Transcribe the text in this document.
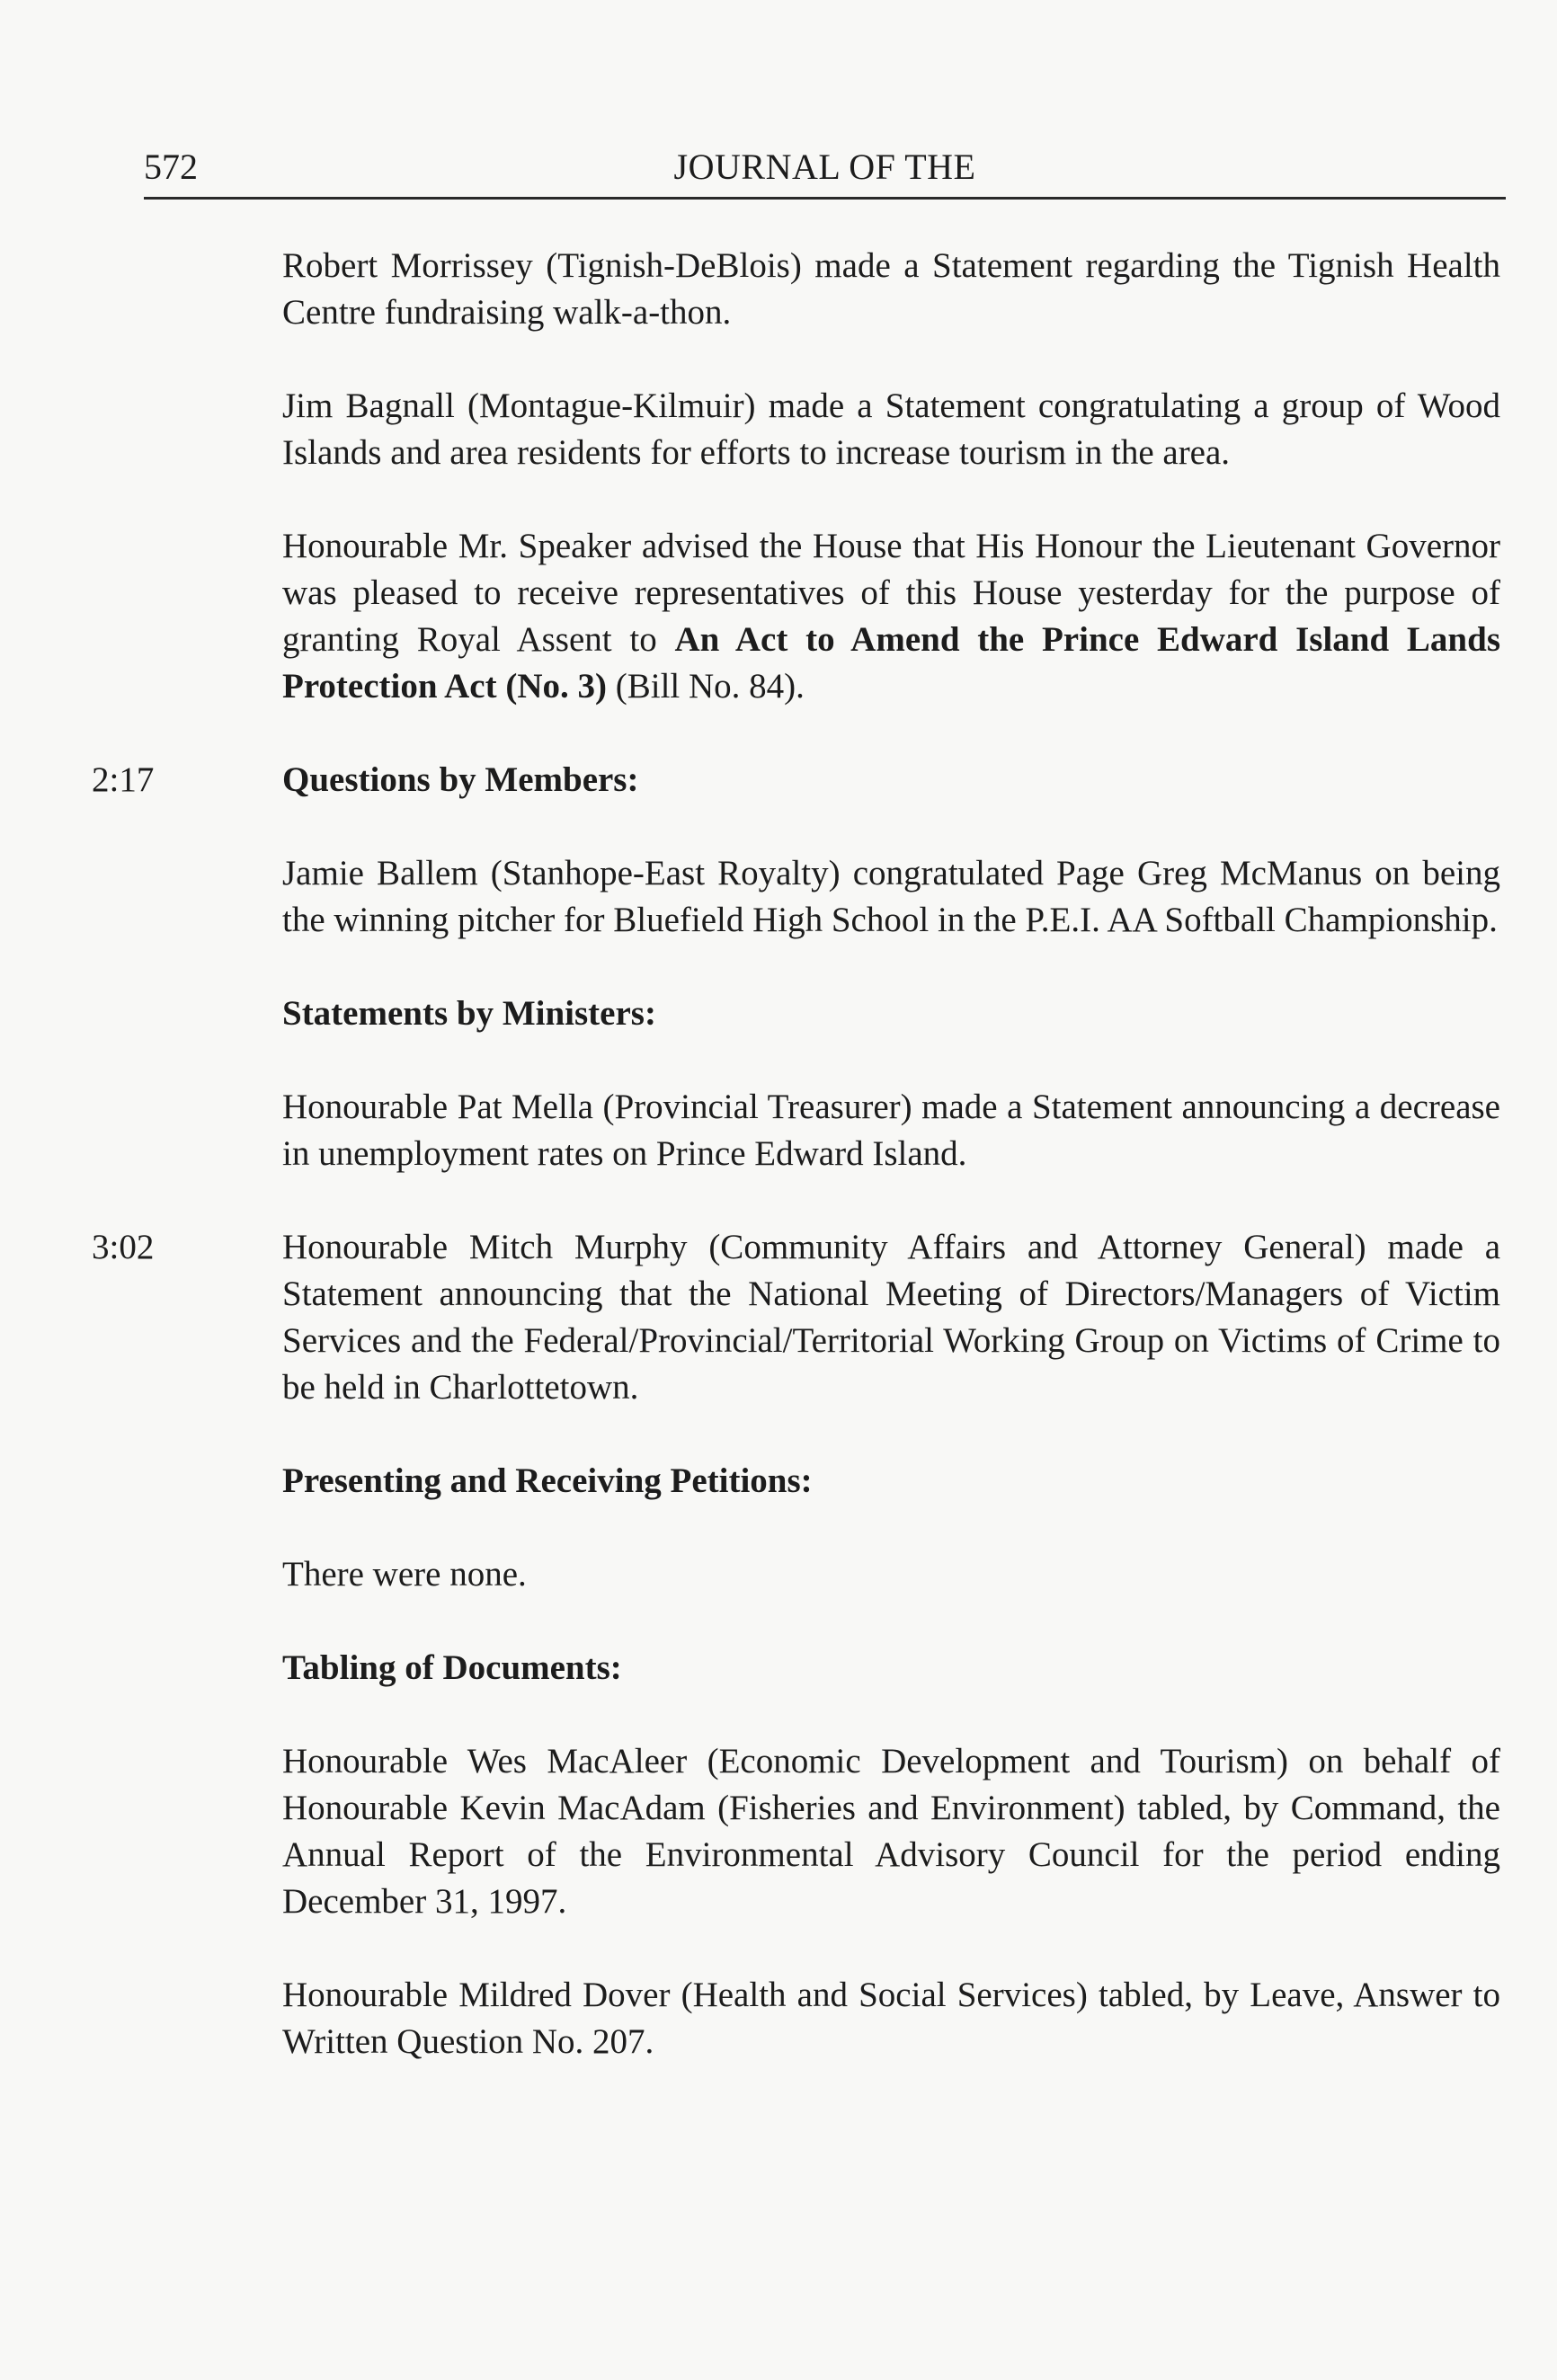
572	JOURNAL OF THE

Robert Morrissey (Tignish-DeBlois) made a Statement regarding the Tignish Health Centre fundraising walk-a-thon.

Jim Bagnall (Montague-Kilmuir) made a Statement congratulating a group of Wood Islands and area residents for efforts to increase tourism in the area.

Honourable Mr. Speaker advised the House that His Honour the Lieutenant Governor was pleased to receive representatives of this House yesterday for the purpose of granting Royal Assent to An Act to Amend the Prince Edward Island Lands Protection Act (No. 3) (Bill No. 84).

2:17	Questions by Members:

Jamie Ballem (Stanhope-East Royalty) congratulated Page Greg McManus on being the winning pitcher for Bluefield High School in the P.E.I. AA Softball Championship.

Statements by Ministers:

Honourable Pat Mella (Provincial Treasurer) made a Statement announcing a decrease in unemployment rates on Prince Edward Island.

3:02	Honourable Mitch Murphy (Community Affairs and Attorney General) made a Statement announcing that the National Meeting of Directors/Managers of Victim Services and the Federal/Provincial/Territorial Working Group on Victims of Crime to be held in Charlottetown.

Presenting and Receiving Petitions:

There were none.

Tabling of Documents:

Honourable Wes MacAleer (Economic Development and Tourism) on behalf of Honourable Kevin MacAdam (Fisheries and Environment) tabled, by Command, the Annual Report of the Environmental Advisory Council for the period ending December 31, 1997.

Honourable Mildred Dover (Health and Social Services) tabled, by Leave, Answer to Written Question No. 207.
